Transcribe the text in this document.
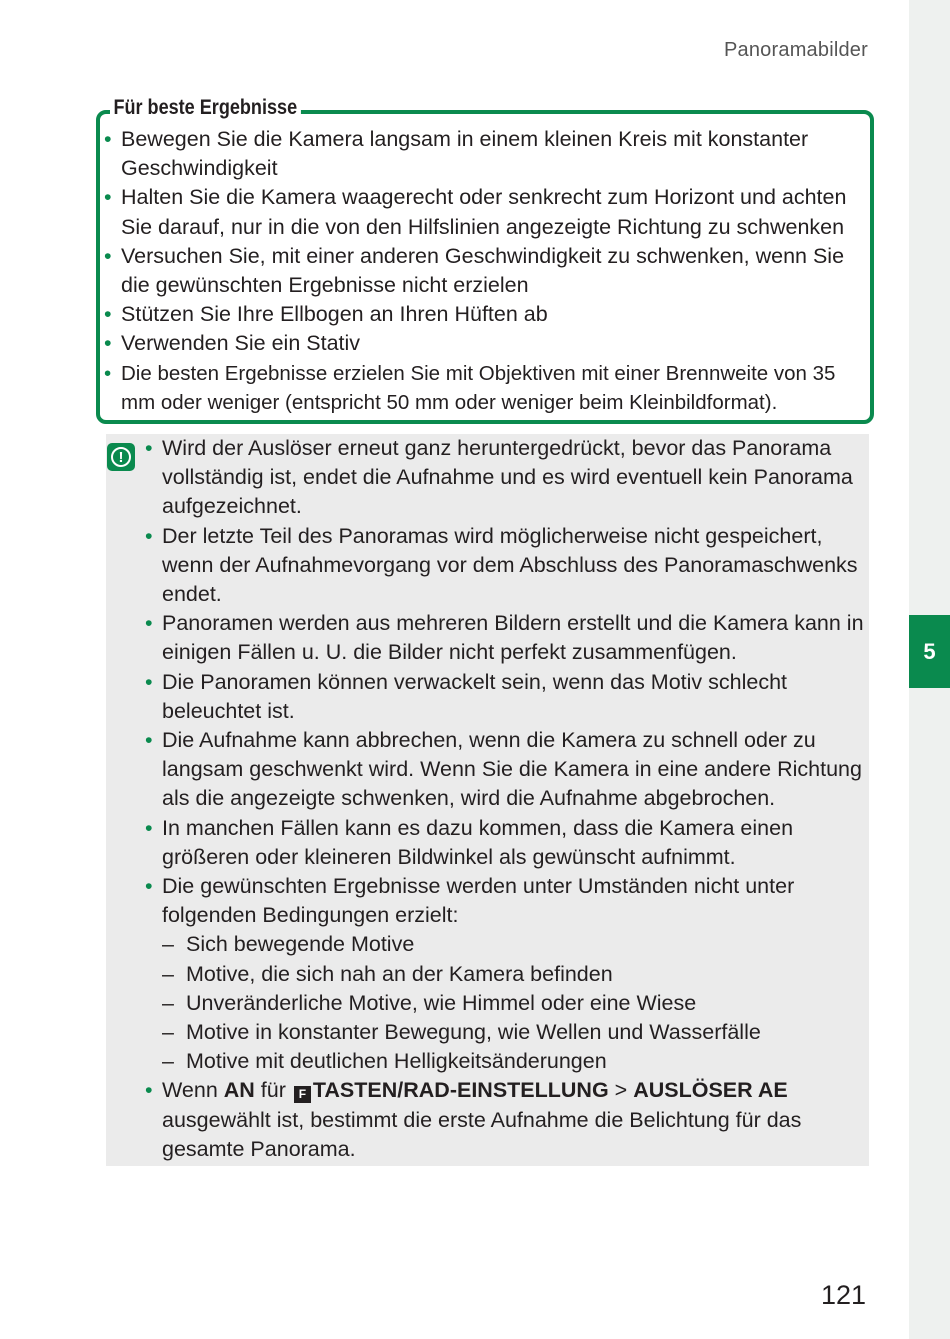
5
Panoramabilder
Für beste Ergebnisse
• Bewegen Sie die Kamera langsam in einem kleinen Kreis mit konstanter Geschwindigkeit
• Halten Sie die Kamera waagerecht oder senkrecht zum Horizont und achten Sie darauf, nur in die von den Hilfslinien angezeigte Richtung zu schwenken
• Versuchen Sie, mit einer anderen Geschwindigkeit zu schwenken, wenn Sie die gewünschten Ergebnisse nicht erzielen
• Stützen Sie Ihre Ellbogen an Ihren Hüften ab
• Verwenden Sie ein Stativ
• Die besten Ergebnisse erzielen Sie mit Objektiven mit einer Brennweite von 35 mm oder weniger (entspricht 50 mm oder weniger beim Kleinbildformat).
!
•	Wird der Auslöser erneut ganz heruntergedrückt, bevor das Panorama vollständig ist, endet die Aufnahme und es wird eventuell kein Panorama aufgezeichnet.
• Der letzte Teil des Panoramas wird möglicherweise nicht gespeichert, wenn der Aufnahmevorgang vor dem Abschluss des Panoramaschwenks endet.
• Panoramen werden aus mehreren Bildern erstellt und die Kamera kann in einigen Fällen u. U. die Bilder nicht perfekt zusammenfügen.
• Die Panoramen können verwackelt sein, wenn das Motiv schlecht beleuchtet ist.
• Die Aufnahme kann abbrechen, wenn die Kamera zu schnell oder zu langsam geschwenkt wird. Wenn Sie die Kamera in eine andere Richtung als die angezeigte schwenken, wird die Aufnahme abgebrochen.
• In manchen Fällen kann es dazu kommen, dass die Kamera einen größeren oder kleineren Bildwinkel als gewünscht aufnimmt.
• Die gewünschten Ergebnisse werden unter Umständen nicht unter folgenden Bedingungen erzielt:
– Sich bewegende Motive
– Motive, die sich nah an der Kamera befinden
– Unveränderliche Motive, wie Himmel oder eine Wiese
– Motive in konstanter Bewegung, wie Wellen und Wasserfälle
– Motive mit deutlichen Helligkeitsänderungen
• Wenn AN für F TASTEN/RAD-EINSTELLUNG > AUSLÖSER AE ausgewählt ist, bestimmt die erste Aufnahme die Belichtung für das gesamte Panorama.
121
